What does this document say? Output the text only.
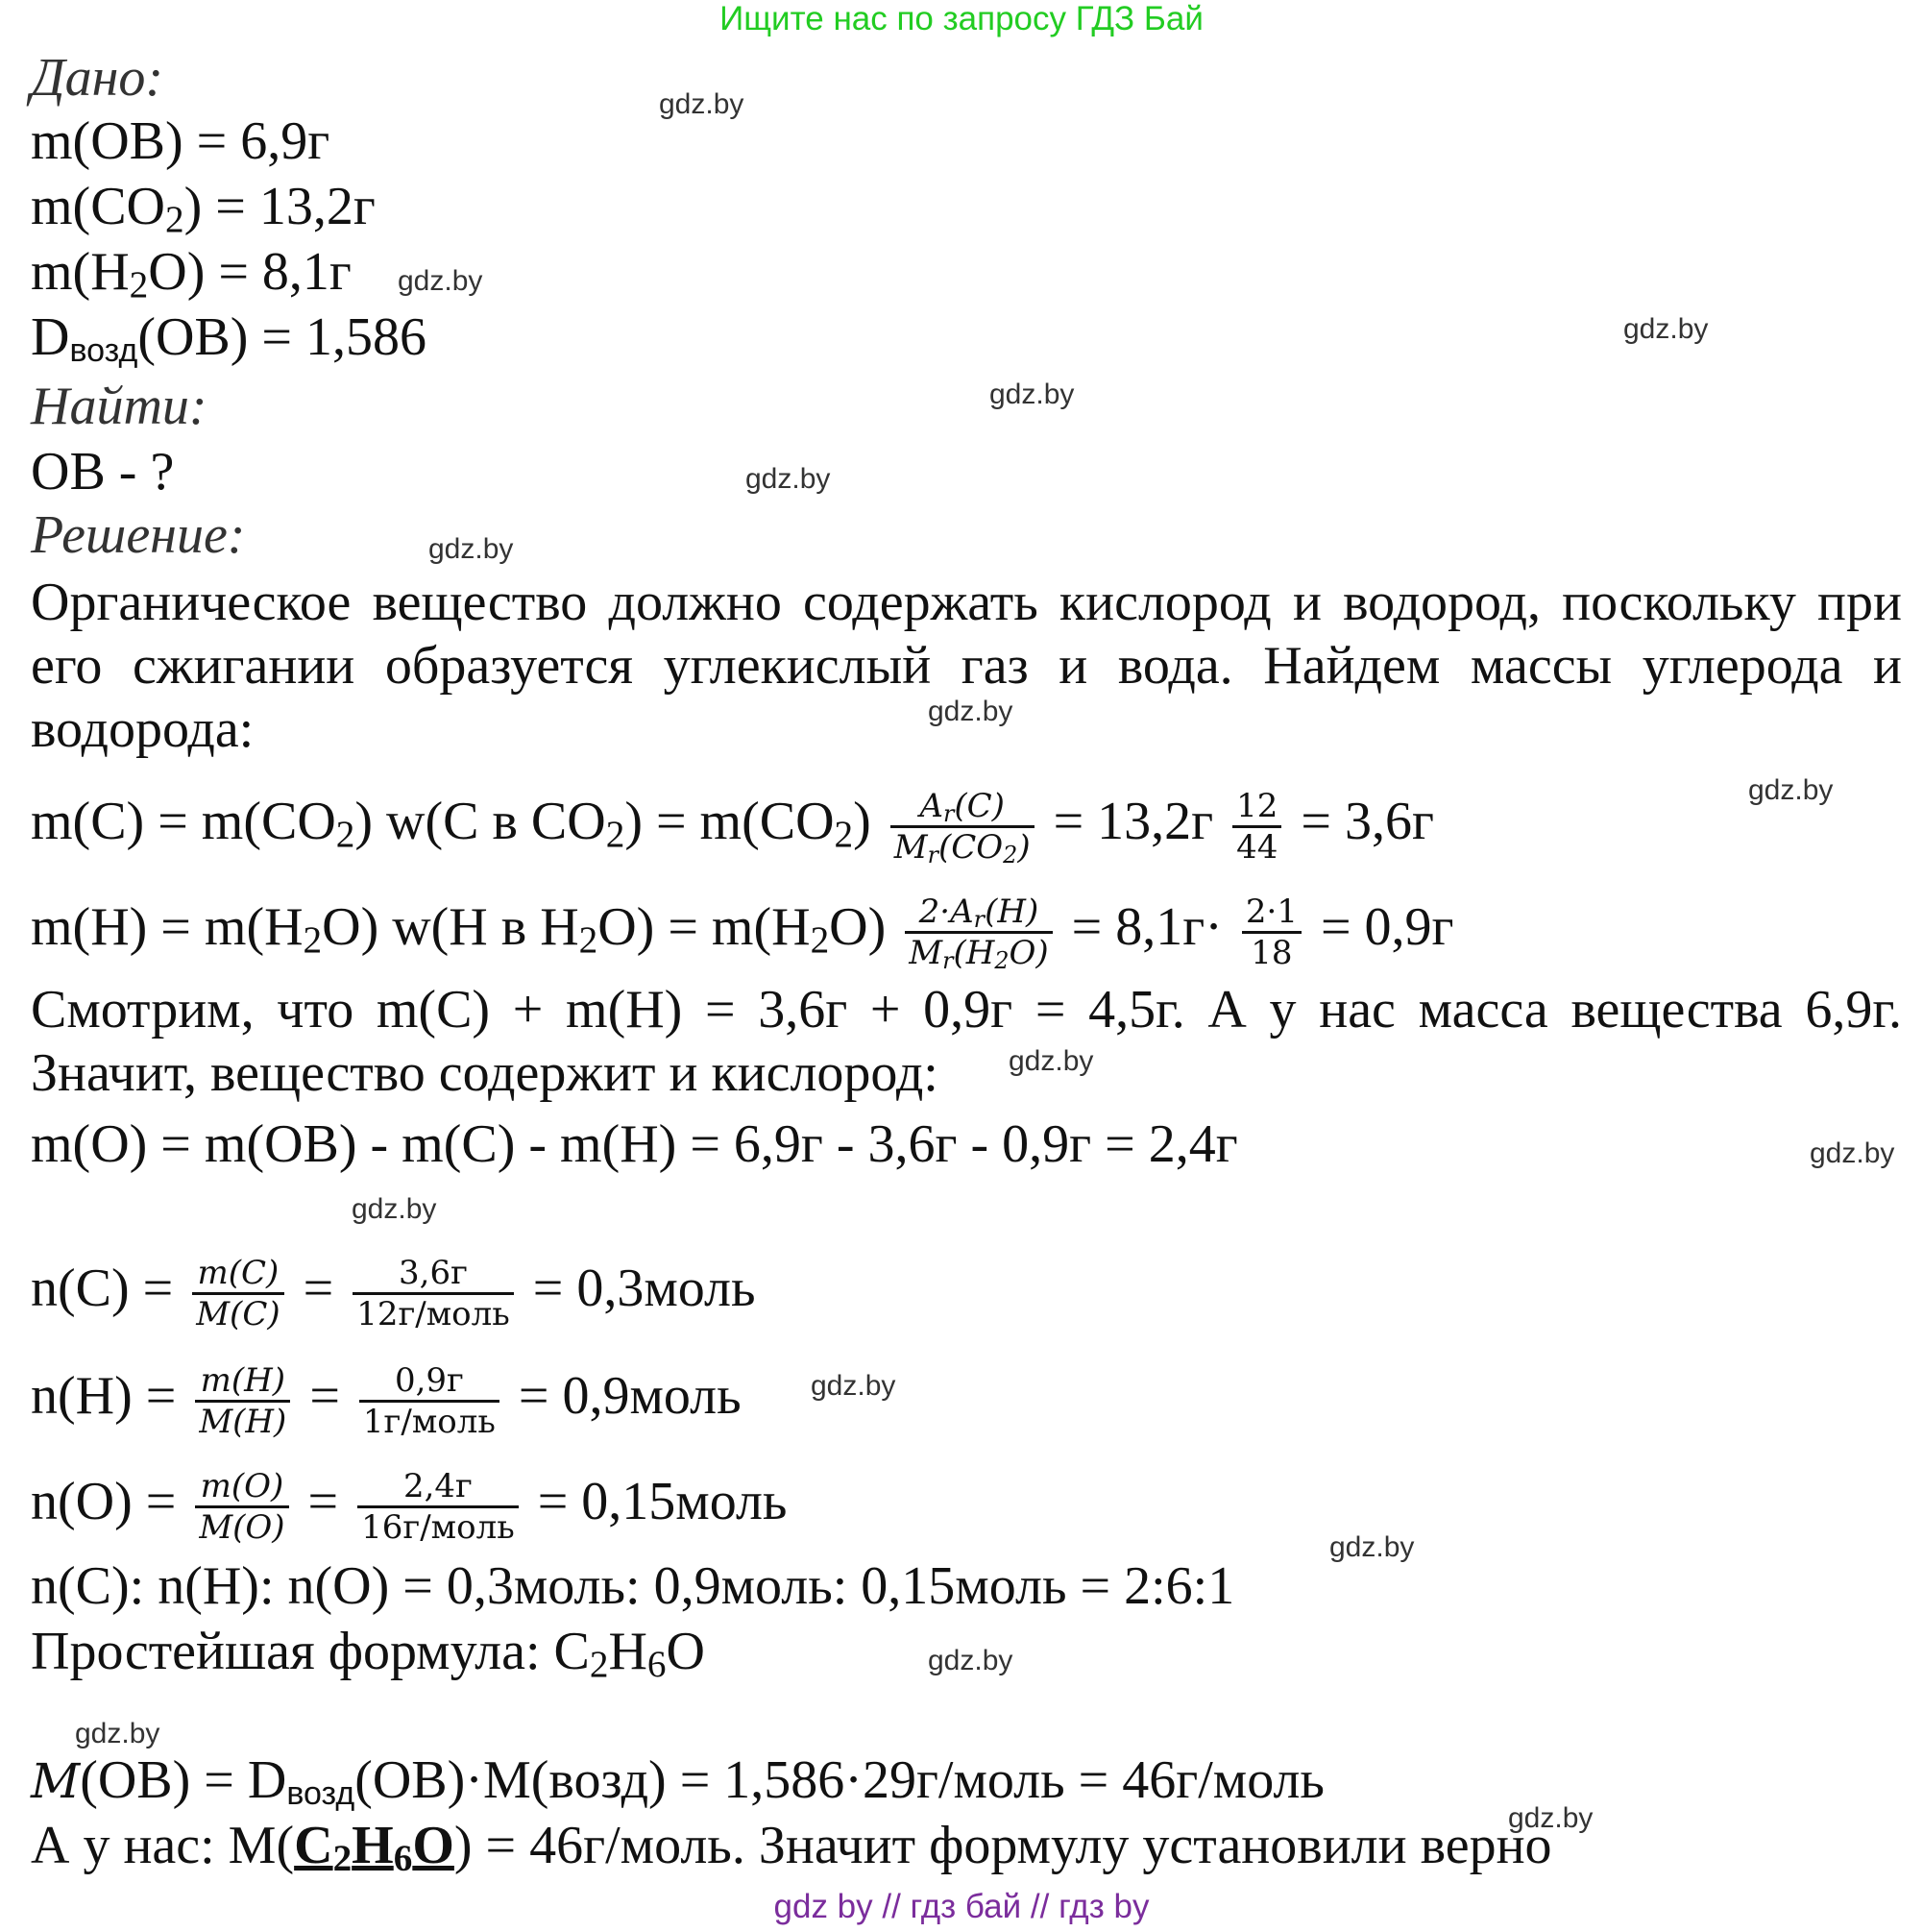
Ищите нас по запросу ГДЗ Бай
gdz.by
gdz.by
gdz.by
gdz.by
gdz.by
gdz.by
gdz.by
gdz.by
gdz.by
gdz.by
gdz.by
gdz.by
gdz.by
gdz.by
gdz.by
gdz.by
Дано:
m(ОВ) = 6,9г
$m(CO_2) = 13,2г$
$m(H_2O) = 8,1г$
$D_{возд}(ОВ) = 1,586$
Найти:
ОВ - ?
Решение:
Органическое вещество должно содержать кислород и водород, поскольку при его сжигании образуется углекислый газ и вода. Найдем массы углерода и водорода:
$m(C) = m(CO_2)$ w(C в $CO_2) = m(CO_2) \frac{A_r(C)}{M_r(CO_2)} = 13,2г \frac{12}{44} = 3,6г$
$m(H) = m(H_2O)$ w(H в $H_2O) = m(H_2O) \frac{2\cdot A_r(H)}{M_r(H_2O)} = 8,1г\cdot \frac{2\cdot 1}{18} = 0,9г$
Смотрим, что m(C) + m(H) = 3,6г + 0,9г = 4,5г. А у нас масса вещества 6,9г. Значит, вещество содержит и кислород:
m(O) = m(ОВ) - m(C) - m(H) = 6,9г - 3,6г - 0,9г = 2,4г
$n(C) = \frac{m(C)}{M(C)} = \frac{3,6г}{\text{12г/моль}}$ = 0,3моль
$n(H) = \frac{m(H)}{M(H)} = \frac{0,9г}{\text{1г/моль}}$ = 0,9моль
$n(O) = \frac{m(O)}{M(O)} = \frac{2,4г}{\text{16г/моль}}$ = 0,15моль
n(C): n(H): n(O) = 0,3моль: 0,9моль: 0,15моль = 2:6:1
Простейшая формула: $C_2H_6O$
$M(ОВ) = D_{возд}(ОВ)\cdot M(возд)$ = 1,586·29г/моль = 46г/моль
А у нас: $M(C_2H_6O)$ = 46г/моль. Значит формулу установили верно
gdz by // гдз бай // гдз by
